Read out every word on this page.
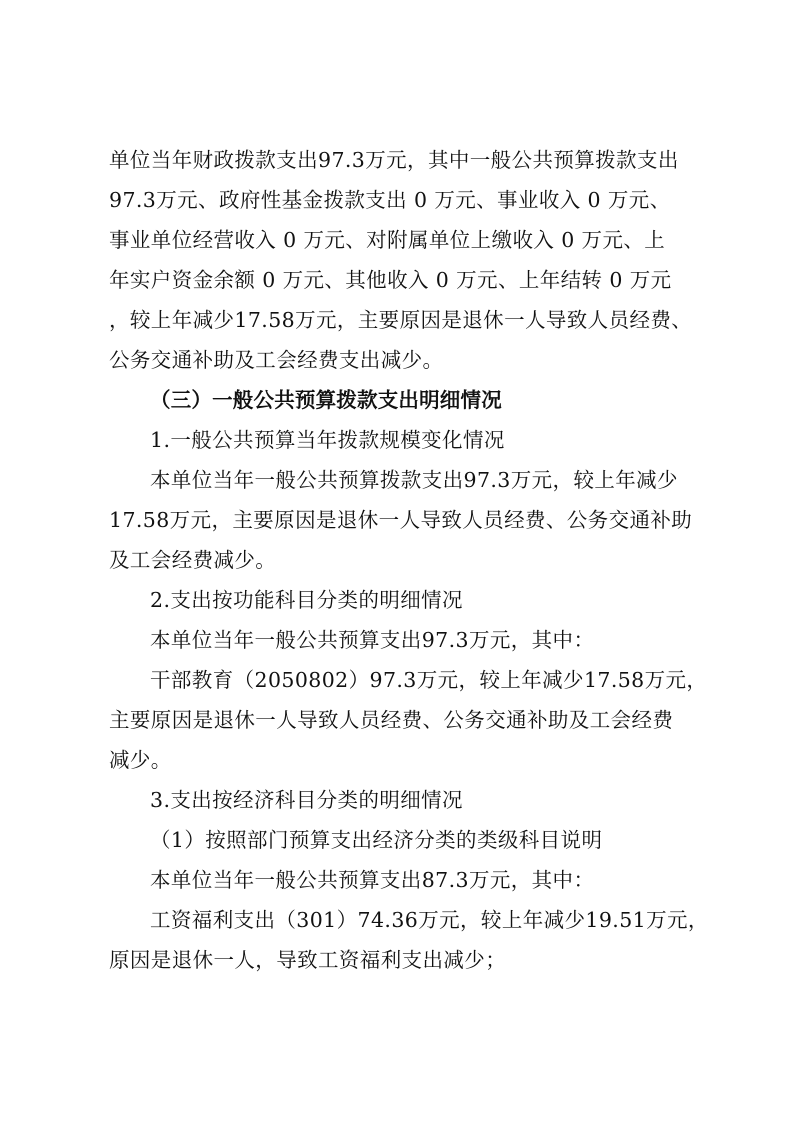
单位当年财政拨款支出97.3万元，其中一般公共预算拨款支出
97.3万元、政府性基金拨款支出 0 万元、事业收入 0 万元、
事业单位经营收入 0 万元、对附属单位上缴收入 0 万元、上
年实户资金余额 0 万元、其他收入 0 万元、上年结转 0 万元
，较上年减少17.58万元，主要原因是退休一人导致人员经费、
公务交通补助及工会经费支出减少。
（三）一般公共预算拨款支出明细情况
1.一般公共预算当年拨款规模变化情况
本单位当年一般公共预算拨款支出97.3万元，较上年减少
17.58万元，主要原因是退休一人导致人员经费、公务交通补助
及工会经费减少。
2.支出按功能科目分类的明细情况
本单位当年一般公共预算支出97.3万元，其中：
干部教育（2050802）97.3万元，较上年减少17.58万元，
主要原因是退休一人导致人员经费、公务交通补助及工会经费
减少。
3.支出按经济科目分类的明细情况
（1）按照部门预算支出经济分类的类级科目说明
本单位当年一般公共预算支出87.3万元，其中：
工资福利支出（301）74.36万元，较上年减少19.51万元，
原因是退休一人，导致工资福利支出减少；
